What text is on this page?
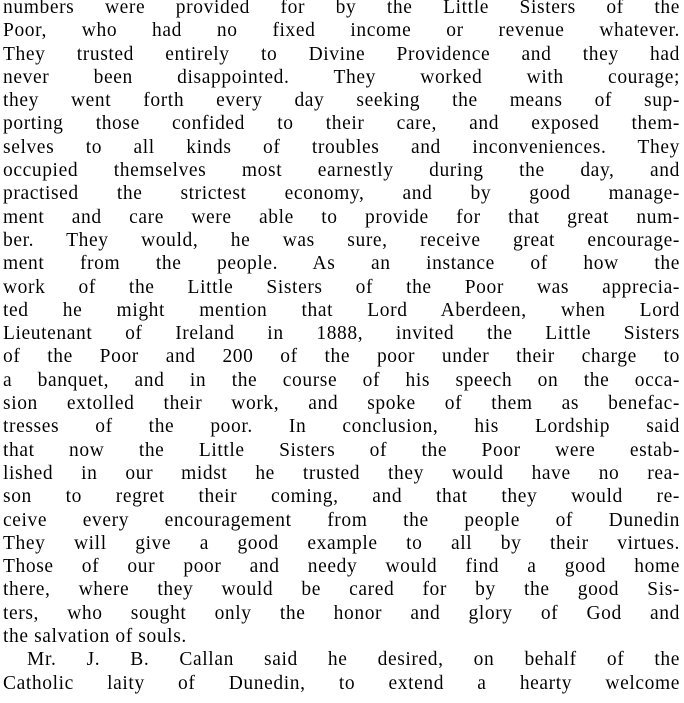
numbers were provided for by the Little Sisters of the
Poor, who had no fixed income or revenue whatever.
They trusted entirely to Divine Providence and they had
never been disappointed. They worked with courage;
they went forth every day seeking the means of sup-
porting those confided to their care, and exposed them-
selves to all kinds of troubles and inconveniences. They
occupied themselves most earnestly during the day, and
practised the strictest economy, and by good manage-
ment and care were able to provide for that great num-
ber. They would, he was sure, receive great encourage-
ment from the people. As an instance of how the
work of the Little Sisters of the Poor was apprecia-
ted he might mention that Lord Aberdeen, when Lord
Lieutenant of Ireland in 1888, invited the Little Sisters
of the Poor and 200 of the poor under their charge to
a banquet, and in the course of his speech on the occa-
sion extolled their work, and spoke of them as benefac-
tresses of the poor. In conclusion, his Lordship said
that now the Little Sisters of the Poor were estab-
lished in our midst he trusted they would have no rea-
son to regret their coming, and that they would re-
ceive every encouragement from the people of Dunedin
They will give a good example to all by their virtues.
Those of our poor and needy would find a good home
there, where they would be cared for by the good Sis-
ters, who sought only the honor and glory of God and
the salvation of souls.
Mr. J. B. Callan said he desired, on behalf of the
Catholic laity of Dunedin, to extend a hearty welcome
